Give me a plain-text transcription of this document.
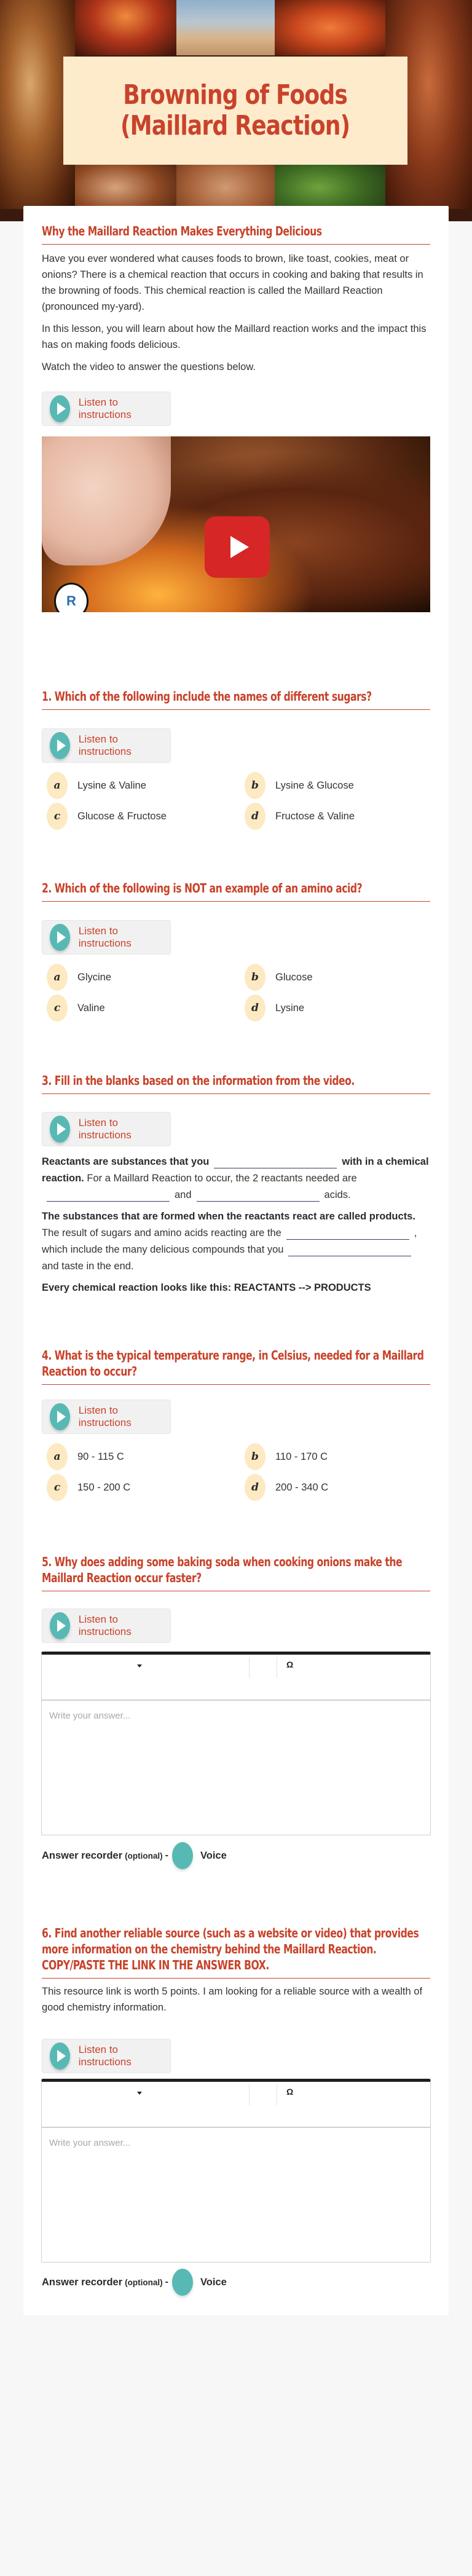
Browning of Foods
(Maillard Reaction)
Why the Maillard Reaction Makes Everything Delicious

Have you ever wondered what causes foods to brown, like toast, cookies, meat or onions? There is a chemical reaction that occurs in cooking and baking that results in the browning of foods. This chemical reaction is called the Maillard Reaction (pronounced my-yard).

In this lesson, you will learn about how the Maillard reaction works and the impact this has on making foods delicious.

Watch the video to answer the questions below.

Listen to instructions
R
1. Which of the following include the names of different sugars?
Listen to instructions
a	Lysine & Valine	b	Lysine & Glucose
c	Glucose & Fructose	d	Fructose & Valine
2. Which of the following is NOT an example of an amino acid?
Listen to instructions
a	Glycine	b	Glucose
c	Valine	d	Lysine
3. Fill in the blanks based on the information from the video.
Listen to instructions

Reactants are substances that you	with in a chemical reaction. For a Maillard Reaction to occur, the 2 reactants needed areand	acids.

The substances that are formed when the reactants react are called products. The result of sugars and amino acids reacting are the	, which include the many delicious compounds that youand taste in the end.

Every chemical reaction looks like this: REACTANTS --> PRODUCTS

4. What is the typical temperature range, in Celsius, needed for a Maillard
Reaction to occur?
Listen to instructions
a	90 - 115 C	b	110 - 170 C
c	150 - 200 C	d	200 - 340 C
5. Why does adding some baking soda when cooking onions make the
Maillard Reaction occur faster?
Listen to instructions
Ω
Write your answer...
Answer recorder (optional) -	Voice
6. Find another reliable source (such as a website or video) that provides
more information on the chemistry behind the Maillard Reaction.
COPY/PASTE THE LINK IN THE ANSWER BOX.

This resource link is worth 5 points. I am looking for a reliable source with a wealth of good chemistry information.

Listen to instructions
Ω
Write your answer...
Answer recorder (optional) -	Voice
